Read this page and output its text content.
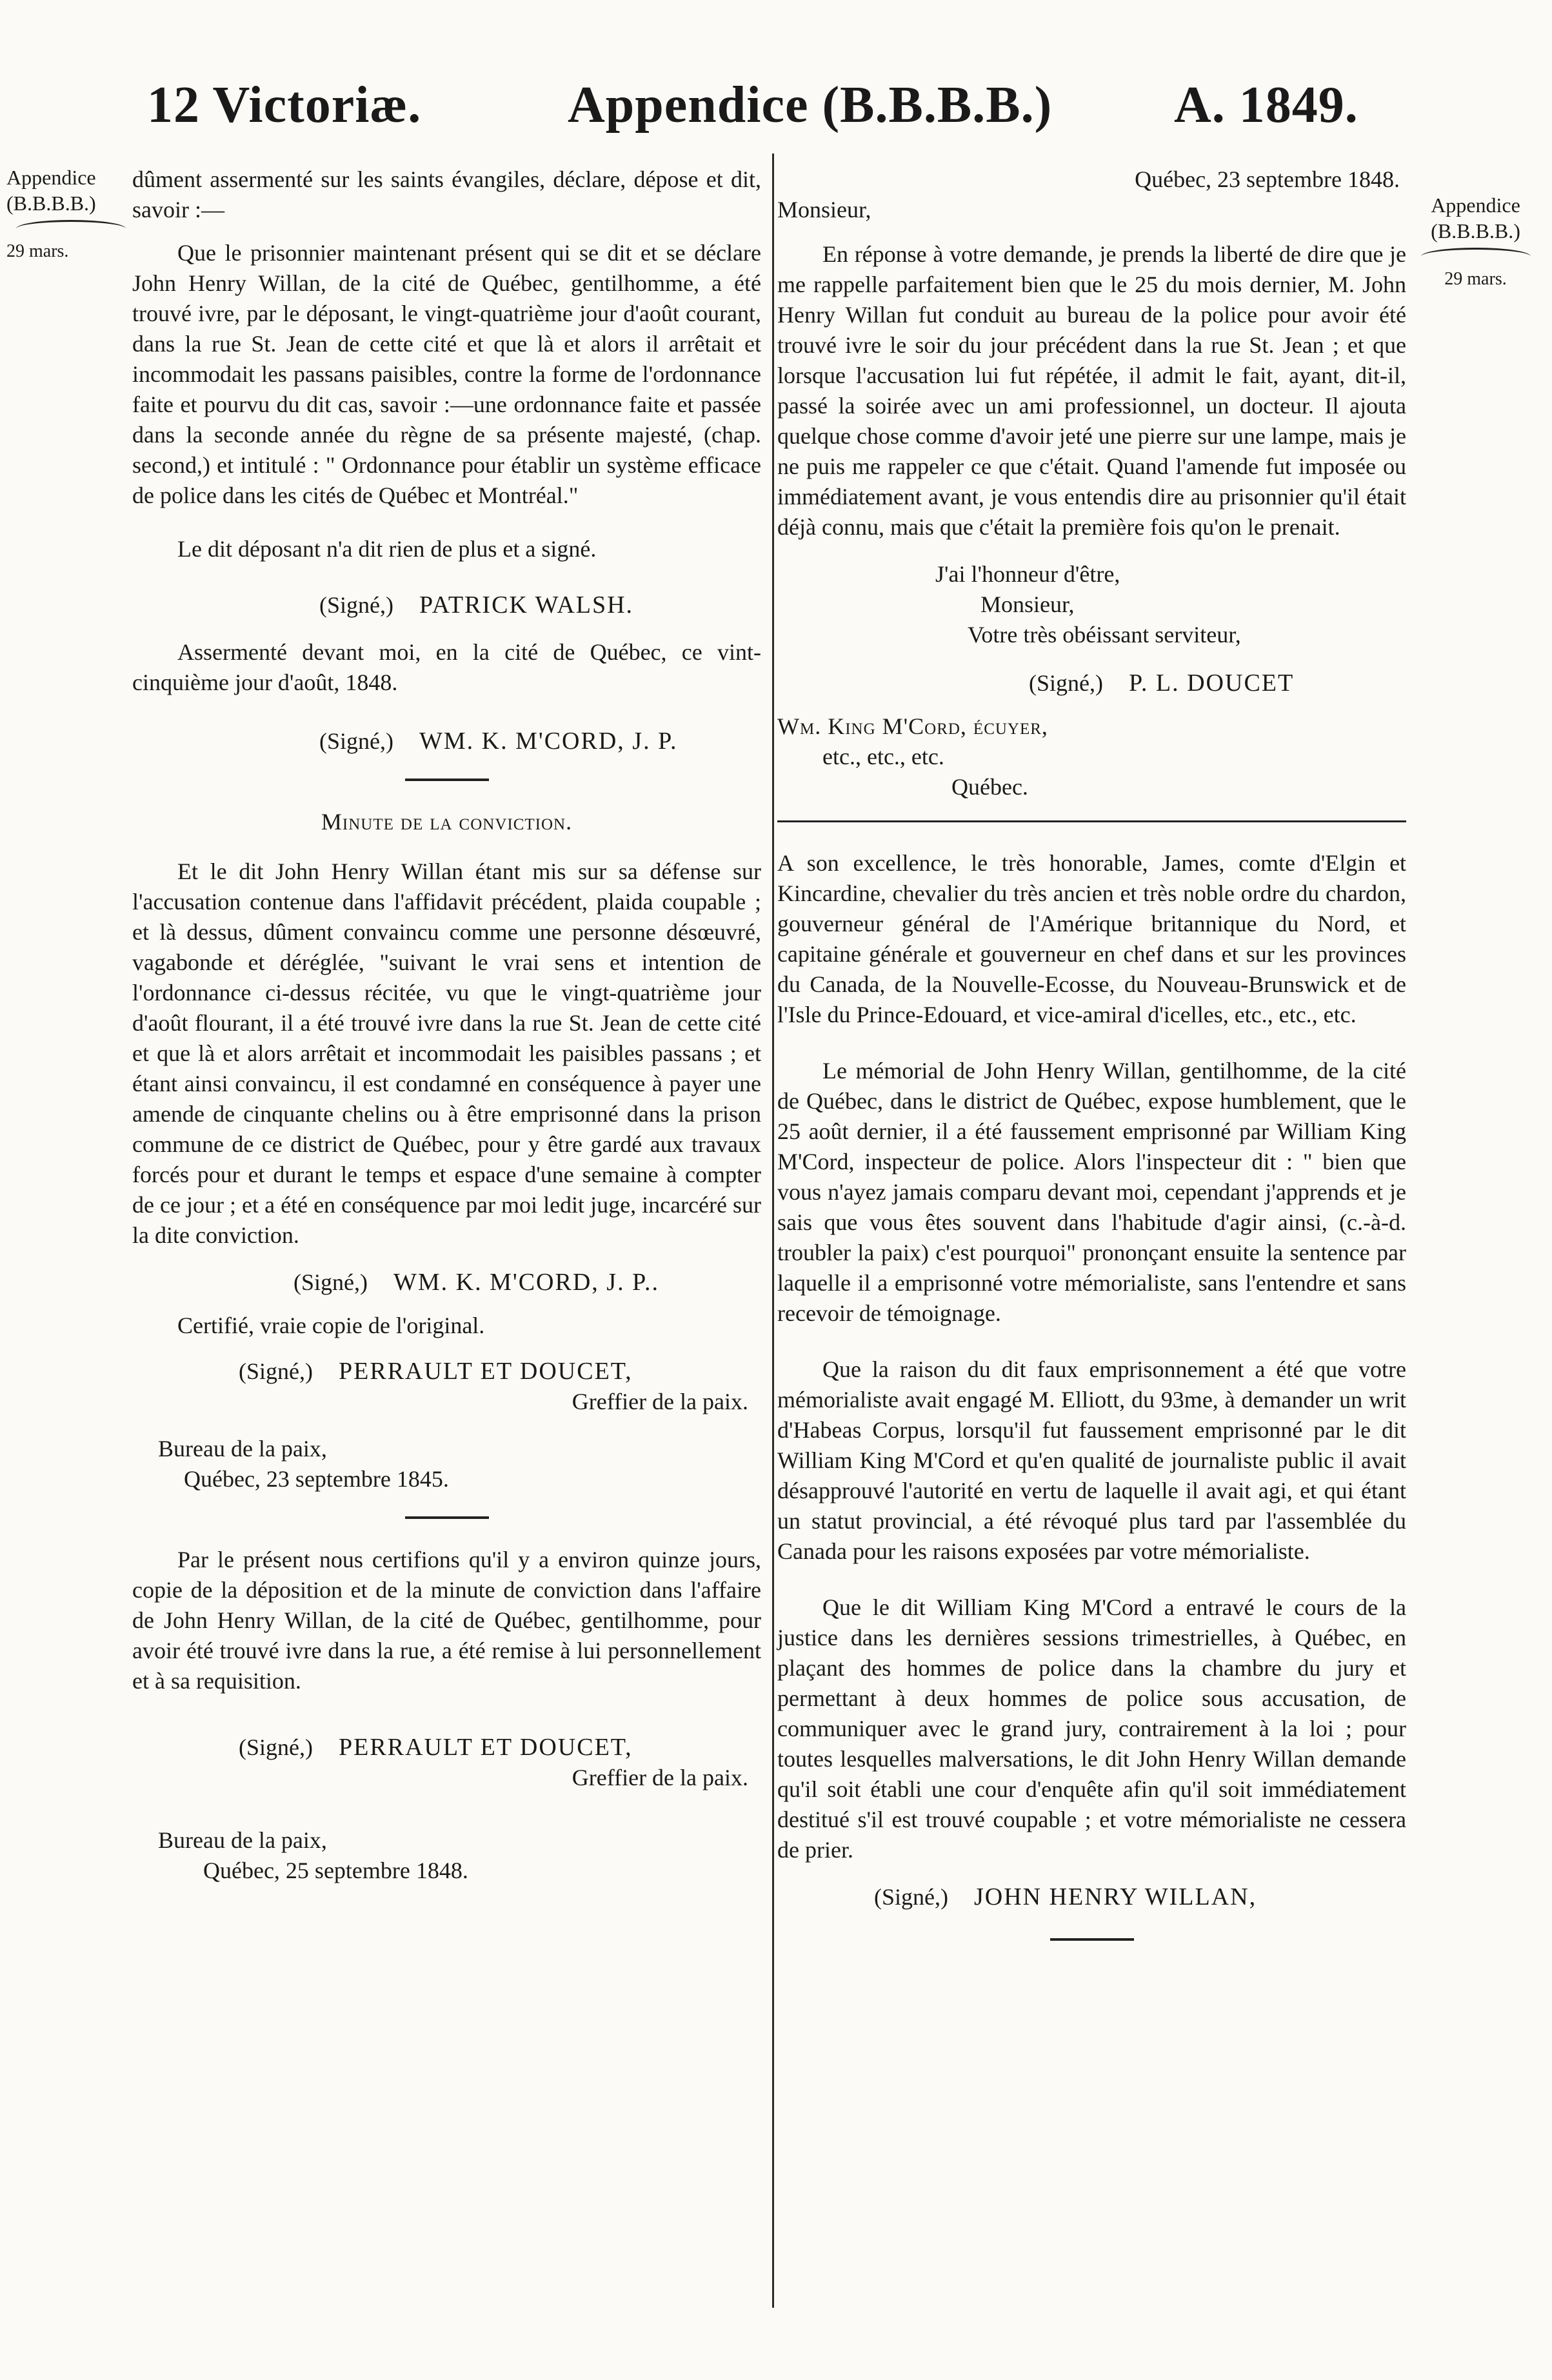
12 Victoriæ.	Appendice (B.B.B.B.) A. 1849.
Appendice (B.B.B.B.)
29 mars.
Appendice (B.B.B.B.)
29 mars.

dûment assermenté sur les saints évangiles, déclare, dépose et dit, savoir :—

Que le prisonnier maintenant présent qui se dit et se déclare John Henry Willan, de la cité de Québec, gentilhomme, a été trouvé ivre, par le déposant, le vingt-quatrième jour d'août courant, dans la rue St. Jean de cette cité et que là et alors il arrêtait et incommodait les passans paisibles, contre la forme de l'ordonnance faite et pourvu du dit cas, savoir :—une ordonnance faite et passée dans la seconde année du règne de sa présente majesté, (chap. second,) et intitulé : " Ordonnance pour établir un système efficace de police dans les cités de Québec et Montréal."

Le dit déposant n'a dit rien de plus et a signé.

(Signé,) PATRICK WALSH.

Assermenté devant moi, en la cité de Québec, ce vint-cinquième jour d'août, 1848.

(Signé,) WM. K. M'CORD, J. P.

Minute de la conviction.

Et le dit John Henry Willan étant mis sur sa défense sur l'accusation contenue dans l'affidavit précédent, plaida coupable ; et là dessus, dûment convaincu comme une personne désœuvré, vagabonde et dérégléе, "suivant le vrai sens et intention de l'ordonnance ci-dessus récitée, vu que le vingt-quatrième jour d'août flourant, il a été trouvé ivre dans la rue St. Jean de cette cité et que là et alors arrêtait et incommodait les paisibles passans ; et étant ainsi convaincu, il est condamné en conséquence à payer une amende de cinquante chelins ou à être emprisonné dans la prison commune de ce district de Québec, pour y être gardé aux travaux forcés pour et durant le temps et espace d'une semaine à compter de ce jour ; et a été en conséquence par moi ledit juge, incarcéré sur la dite conviction.

(Signé,) WM. K. M'CORD, J. P..

Certifié, vraie copie de l'original.

(Signé,) PERRAULT ET DOUCET,

Greffier de la paix.

Bureau de la paix,

Québec, 23 septembre 1845.

Par le présent nous certifions qu'il y a environ quinze jours, copie de la déposition et de la minute de conviction dans l'affaire de John Henry Willan, de la cité de Québec, gentilhomme, pour avoir été trouvé ivre dans la rue, a été remise à lui personnellement et à sa requisition.

(Signé,) PERRAULT ET DOUCET,

Greffier de la paix.

Bureau de la paix,

Québec, 25 septembre 1848.

Québec, 23 septembre 1848.

Monsieur,

En réponse à votre demande, je prends la liberté de dire que je me rappelle parfaitement bien que le 25 du mois dernier, M. John Henry Willan fut conduit au bureau de la police pour avoir été trouvé ivre le soir du jour précédent dans la rue St. Jean ; et que lorsque l'accusation lui fut répétée, il admit le fait, ayant, dit-il, passé la soirée avec un ami professionnel, un docteur. Il ajouta quelque chose comme d'avoir jeté une pierre sur une lampe, mais je ne puis me rappeler ce que c'était. Quand l'amende fut imposée ou immédiatement avant, je vous entendis dire au prisonnier qu'il était déjà connu, mais que c'était la première fois qu'on le prenait.

J'ai l'honneur d'être,

Monsieur,

Votre très obéissant serviteur,

(Signé,) P. L. DOUCET

Wm. King M'Cord, écuyer,

etc., etc., etc.

Québec.

A son excellence, le très honorable, James, comte d'Elgin et Kincardine, chevalier du très ancien et très noble ordre du chardon, gouverneur général de l'Amérique britannique du Nord, et capitaine générale et gouverneur en chef dans et sur les provinces du Canada, de la Nouvelle-Ecosse, du Nouveau-Brunswick et de l'Isle du Prince-Edouard, et vice-amiral d'icelles, etc., etc., etc.

Le mémorial de John Henry Willan, gentilhomme, de la cité de Québec, dans le district de Québec, expose humblement, que le 25 août dernier, il a été faussement emprisonné par William King M'Cord, inspecteur de police. Alors l'inspecteur dit : " bien que vous n'ayez jamais comparu devant moi, cependant j'apprends et je sais que vous êtes souvent dans l'habitude d'agir ainsi, (c.-à-d. troubler la paix) c'est pourquoi" prononçant ensuite la sentence par laquelle il a emprisonné votre mémorialiste, sans l'entendre et sans recevoir de témoignage.

Que la raison du dit faux emprisonnement a été que votre mémorialiste avait engagé M. Elliott, du 93me, à demander un writ d'Habeas Corpus, lorsqu'il fut faussement emprisonné par le dit William King M'Cord et qu'en qualité de journaliste public il avait désapprouvé l'autorité en vertu de laquelle il avait agi, et qui étant un statut provincial, a été révoqué plus tard par l'assemblée du Canada pour les raisons exposées par votre mémorialiste.

Que le dit William King M'Cord a entravé le cours de la justice dans les dernières sessions trimestrielles, à Québec, en plaçant des hommes de police dans la chambre du jury et permettant à deux hommes de police sous accusation, de communiquer avec le grand jury, contrairement à la loi ; pour toutes lesquelles malversations, le dit John Henry Willan demande qu'il soit établi une cour d'enquête afin qu'il soit immédiatement destitué s'il est trouvé coupable ; et votre mémorialiste ne cessera de prier.

(Signé,) JOHN HENRY WILLAN,
